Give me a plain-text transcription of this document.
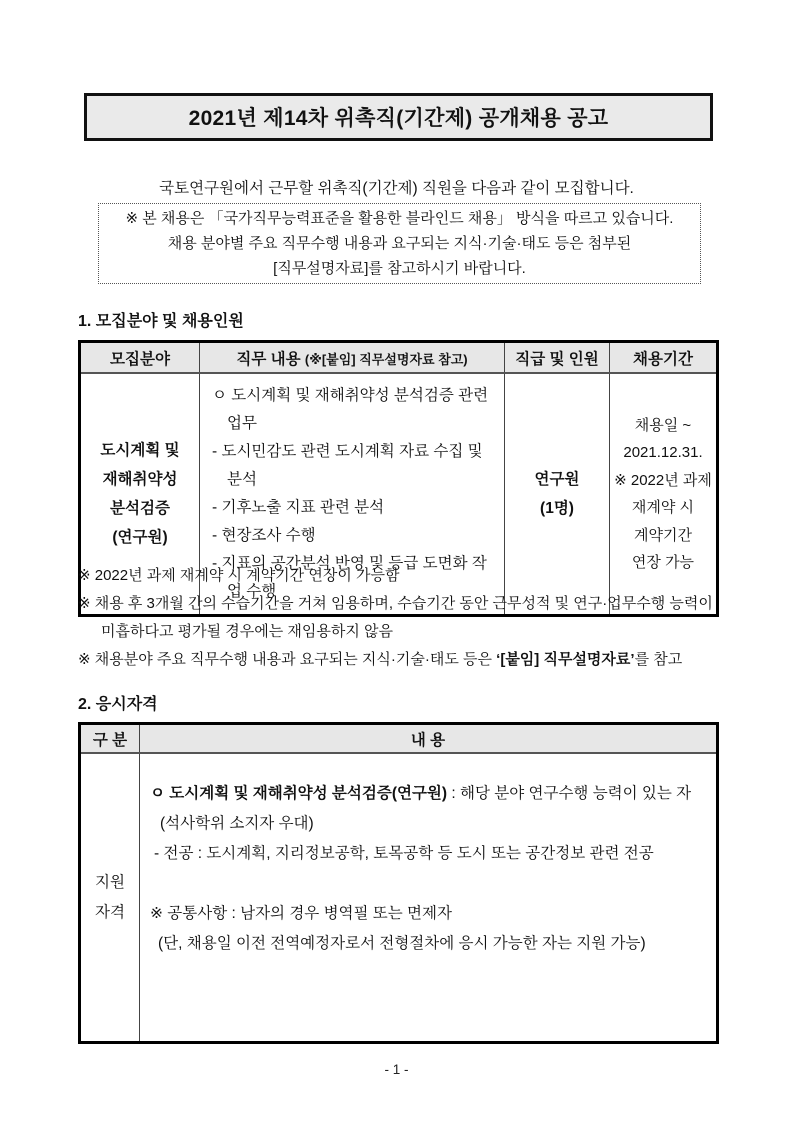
2021년 제14차 위촉직(기간제) 공개채용 공고
국토연구원에서 근무할 위촉직(기간제) 직원을 다음과 같이 모집합니다.
※ 본 채용은 「국가직무능력표준을 활용한 블라인드 채용」 방식을 따르고 있습니다.
채용 분야별 주요 직무수행 내용과 요구되는 지식·기술·태도 등은 첨부된
[직무설명자료]를 참고하시기 바랍니다.
1. 모집분야 및 채용인원
모집분야	직무 내용 (※[붙임] 직무설명자료 참고)	직급 및 인원	채용기간

도시계획 및
재해취약성
분석검증
(연구원)

ㅇ 도시계획 및 재해취약성 분석검증 관련 업무
- 도시민감도 관련 도시계획 자료 수집 및 분석
- 기후노출 지표 관련 분석
- 현장조사 수행
- 지표의 공간분석 반영 및 등급 도면화 작업 수행

연구원
(1명)

채용일 ~
2021.12.31.
※ 2022년 과제
재계약 시
계약기간
연장 가능
※ 2022년 과제 재계약 시 계약기간 연장이 가능함
※ 채용 후 3개월 간의 수습기간을 거쳐 임용하며, 수습기간 동안 근무성적 및 연구·업무수행 능력이 미흡하다고 평가될 경우에는 재임용하지 않음
※ 채용분야 주요 직무수행 내용과 요구되는 지식·기술·태도 등은 ‘[붙임] 직무설명자료’를 참고
2. 응시자격
구 분	내 용

지원
자격

ㅇ 도시계획 및 재해취약성 분석검증(연구원) : 해당 분야 연구수행 능력이 있는 자
(석사학위 소지자 우대)
- 전공 : 도시계획, 지리정보공학, 토목공학 등 도시 또는 공간정보 관련 전공
※ 공통사항 : 남자의 경우 병역필 또는 면제자
(단, 채용일 이전 전역예정자로서 전형절차에 응시 가능한 자는 지원 가능)
- 1 -
